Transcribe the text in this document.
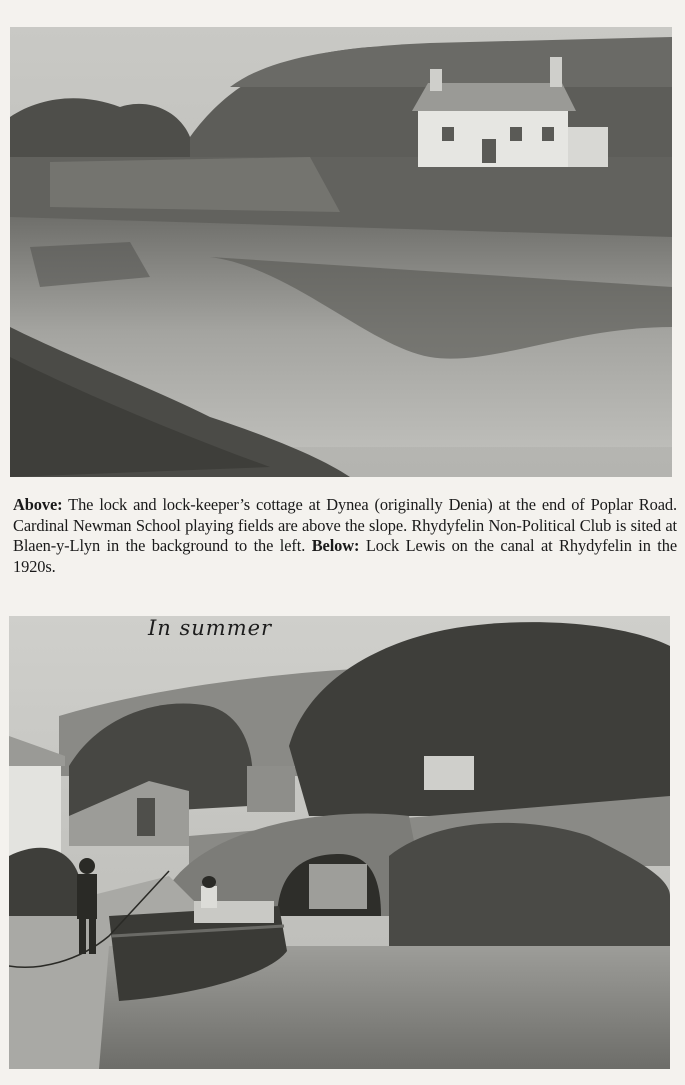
Above: The lock and lock-keeper’s cottage at Dynea (originally Denia) at the end of Poplar Road. Cardinal Newman School playing fields are above the slope. Rhydyfelin Non-Political Club is sited at Blaen-y-Llyn in the background to the left. Below: Lock Lewis on the canal at Rhydyfelin in the 1920s.
In summer
